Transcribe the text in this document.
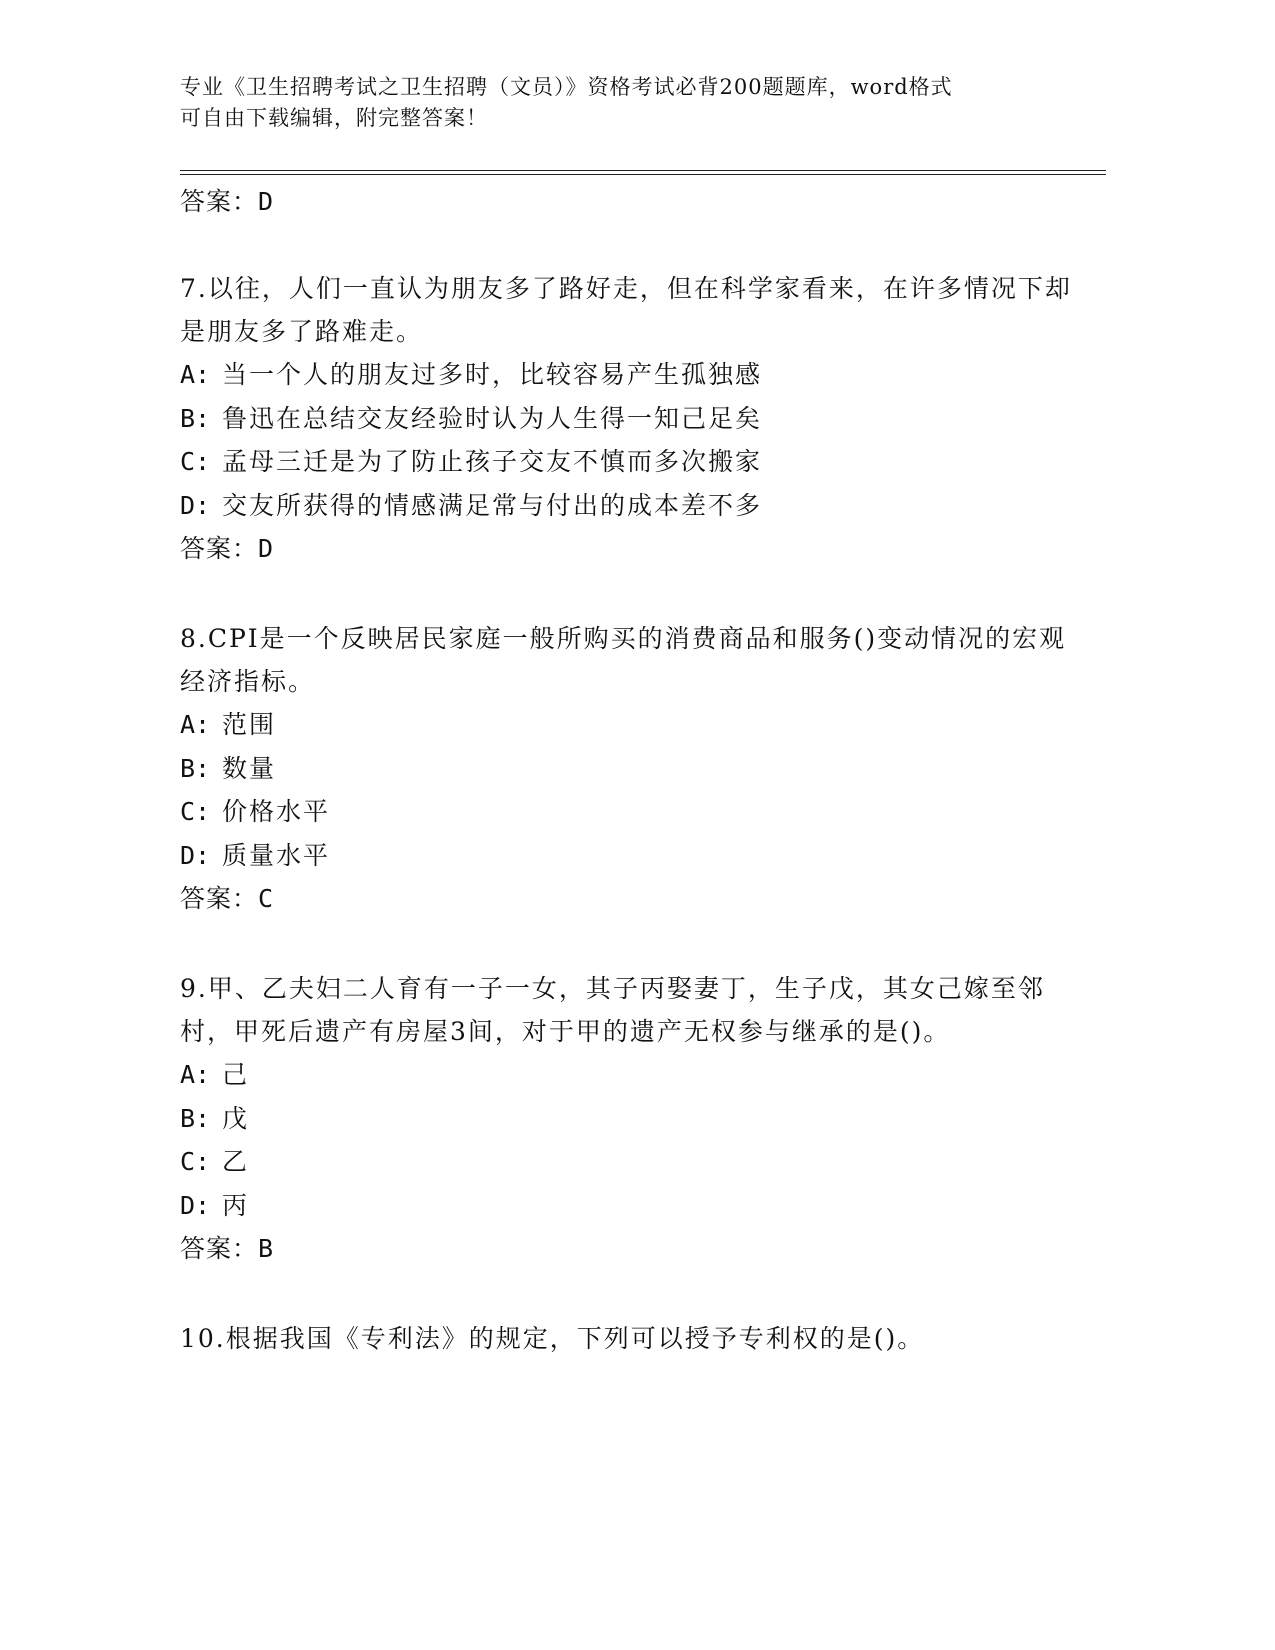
专业《卫生招聘考试之卫生招聘（文员）》资格考试必背200题题库，word格式
可自由下载编辑，附完整答案！

答案：D

7.以往，人们一直认为朋友多了路好走，但在科学家看来，在许多情况下却是朋友多了路难走。

A: 当一个人的朋友过多时，比较容易产生孤独感

B: 鲁迅在总结交友经验时认为人生得一知己足矣

C: 孟母三迁是为了防止孩子交友不慎而多次搬家

D: 交友所获得的情感满足常与付出的成本差不多

答案：D

8.CPI是一个反映居民家庭一般所购买的消费商品和服务()变动情况的宏观经济指标。

A: 范围

B: 数量

C: 价格水平

D: 质量水平

答案：C

9.甲、乙夫妇二人育有一子一女，其子丙娶妻丁，生子戊，其女己嫁至邻村，甲死后遗产有房屋3间，对于甲的遗产无权参与继承的是()。

A: 己

B: 戊

C: 乙

D: 丙

答案：B

10.根据我国《专利法》的规定，下列可以授予专利权的是()。
